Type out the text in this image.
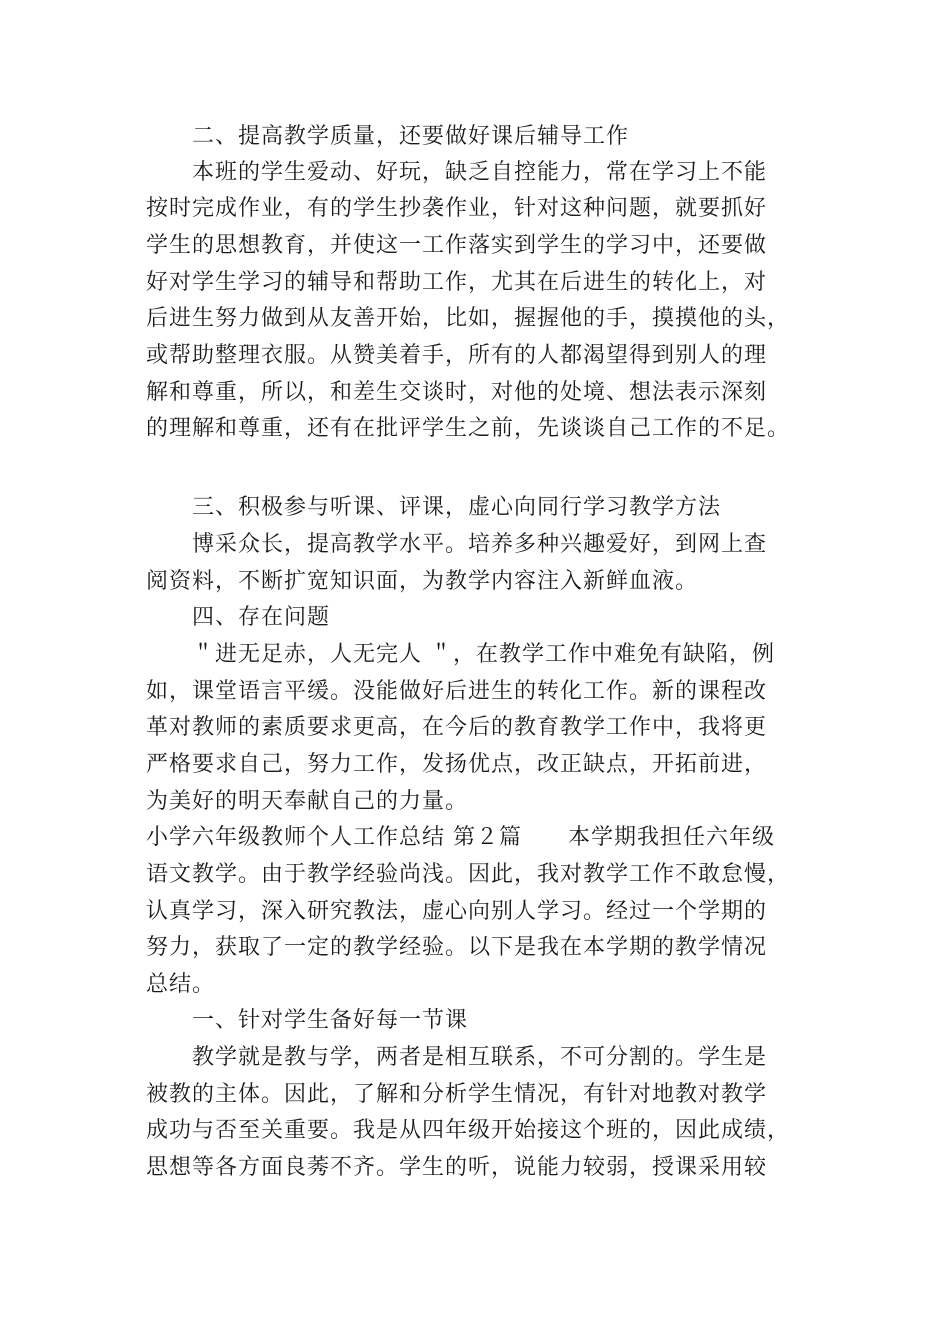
　　二、提高教学质量，还要做好课后辅导工作
　　本班的学生爱动、好玩，缺乏自控能力，常在学习上不能
按时完成作业，有的学生抄袭作业，针对这种问题，就要抓好
学生的思想教育，并使这一工作落实到学生的学习中，还要做
好对学生学习的辅导和帮助工作，尤其在后进生的转化上，对
后进生努力做到从友善开始，比如，握握他的手，摸摸他的头，
或帮助整理衣服。从赞美着手，所有的人都渴望得到别人的理
解和尊重，所以，和差生交谈时，对他的处境、想法表示深刻
的理解和尊重，还有在批评学生之前，先谈谈自己工作的不足。
　　三、积极参与听课、评课，虚心向同行学习教学方法
　　博采众长，提高教学水平。培养多种兴趣爱好，到网上查
阅资料，不断扩宽知识面，为教学内容注入新鲜血液。
　　四、存在问题
　　＂进无足赤，人无完人 ＂，在教学工作中难免有缺陷，例
如，课堂语言平缓。没能做好后进生的转化工作。新的课程改
革对教师的素质要求更高，在今后的教育教学工作中，我将更
严格要求自己，努力工作，发扬优点，改正缺点，开拓前进，
为美好的明天奉献自己的力量。
小学六年级教师个人工作总结 第２篇　　本学期我担任六年级
语文教学。由于教学经验尚浅。因此，我对教学工作不敢怠慢，
认真学习，深入研究教法，虚心向别人学习。经过一个学期的
努力，获取了一定的教学经验。以下是我在本学期的教学情况
总结。
　　一、针对学生备好每一节课
　　教学就是教与学，两者是相互联系，不可分割的。学生是
被教的主体。因此，了解和分析学生情况，有针对地教对教学
成功与否至关重要。我是从四年级开始接这个班的，因此成绩，
思想等各方面良莠不齐。学生的听，说能力较弱，授课采用较
